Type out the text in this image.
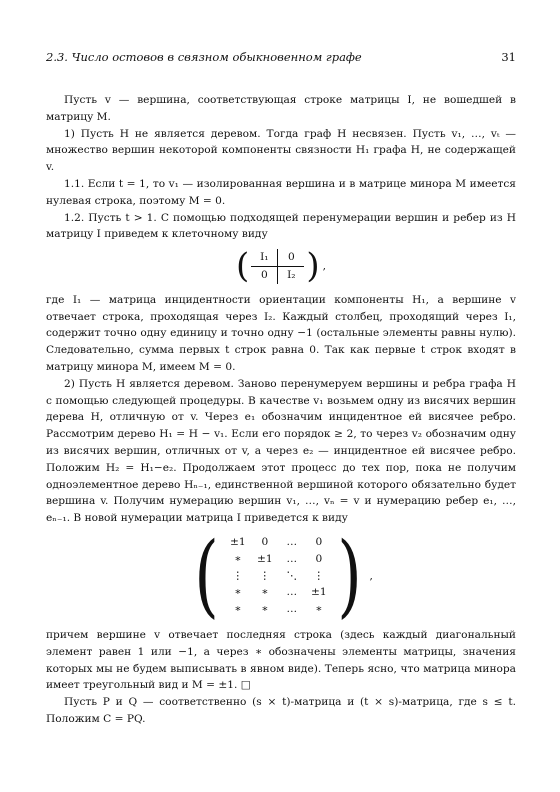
2.3. Число остовов в связном обыкновенном графе	31

Пусть v — вершина, соответствующая строке матрицы I, не вошедшей в матрицу M.

1) Пусть H не является деревом. Тогда граф H несвязен. Пусть v₁, …, vₜ — множество вершин некоторой компоненты связности H₁ графа H, не содержащей v.

1.1. Если t = 1, то v₁ — изолированная вершина и в матрице минора M имеется нулевая строка, поэтому M = 0.

1.2. Пусть t > 1. С помощью подходящей перенумерации вершин и ребер из H матрицу I приведем к клеточному виду

( I₁	0
0	I₂ ) ,

где I₁ — матрица инцидентности ориентации компоненты H₁, а вершине v отвечает строка, проходящая через I₂. Каждый столбец, проходящий через I₁, содержит точно одну единицу и точно одну −1 (остальные элементы равны нулю). Следовательно, сумма первых t строк равна 0. Так как первые t строк входят в матрицу минора M, имеем M = 0.

2) Пусть H является деревом. Заново перенумеруем вершины и ребра графа H с помощью следующей процедуры. В качестве v₁ возьмем одну из висячих вершин дерева H, отличную от v. Через e₁ обозначим инцидентное ей висячее ребро. Рассмотрим дерево H₁ = H − v₁. Если его порядок ≥ 2, то через v₂ обозначим одну из висячих вершин, отличных от v, а через e₂ — инцидентное ей висячее ребро. Положим H₂ = H₁−e₂. Продолжаем этот процесс до тех пор, пока не получим одноэлементное дерево Hₙ₋₁, единственной вершиной которого обязательно будет вершина v. Получим нумерацию вершин v₁, …, vₙ = v и нумерацию ребер e₁, …, eₙ₋₁. В новой нумерации матрица I приведется к виду

( ±1	0	…	0
∗	±1	…	0
⋮	⋮	⋱	⋮
∗	∗	…	±1
∗	∗	…	∗ ) ,

причем вершине v отвечает последняя строка (здесь каждый диагональный элемент равен 1 или −1, а через ∗ обозначены элементы матрицы, значения которых мы не будем выписывать в явном виде). Теперь ясно, что матрица минора имеет треугольный вид и M = ±1. □

Пусть P и Q — соответственно (s × t)-матрица и (t × s)-матрица, где s ≤ t. Положим C = PQ.
